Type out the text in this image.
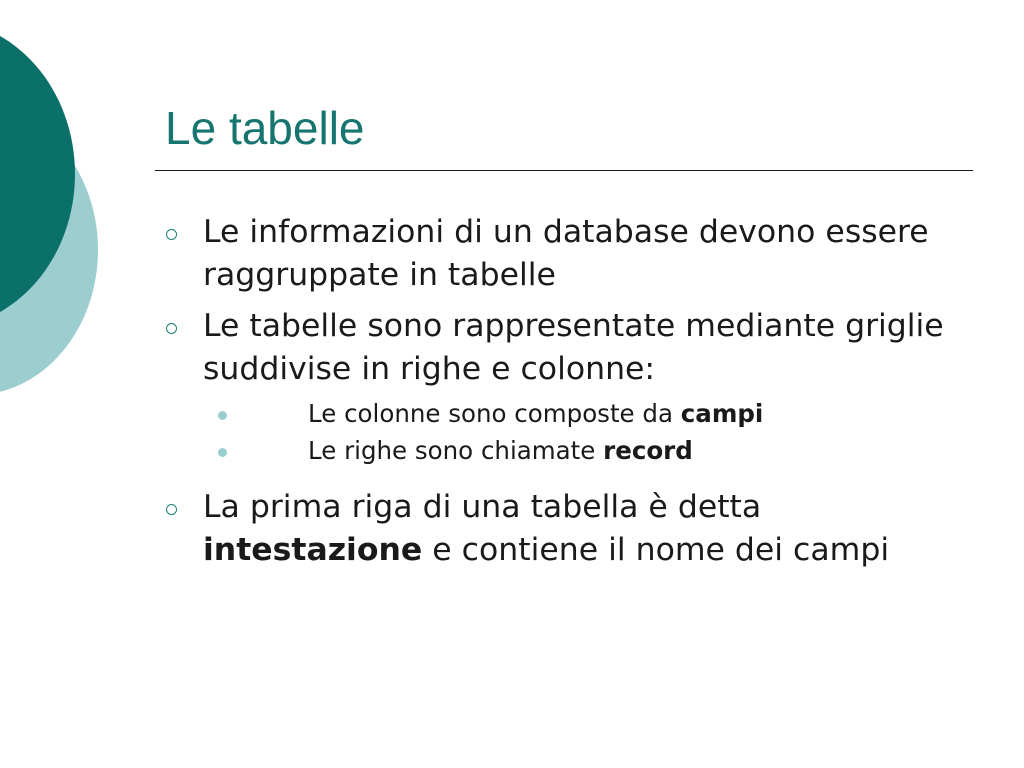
Le tabelle
Le informazioni di un database devono essere raggruppate in tabelle
Le tabelle sono rappresentate mediante griglie suddivise in righe e colonne:
Le colonne sono composte da campi
Le righe sono chiamate record
La prima riga di una tabella è detta intestazione e contiene il nome dei campi
